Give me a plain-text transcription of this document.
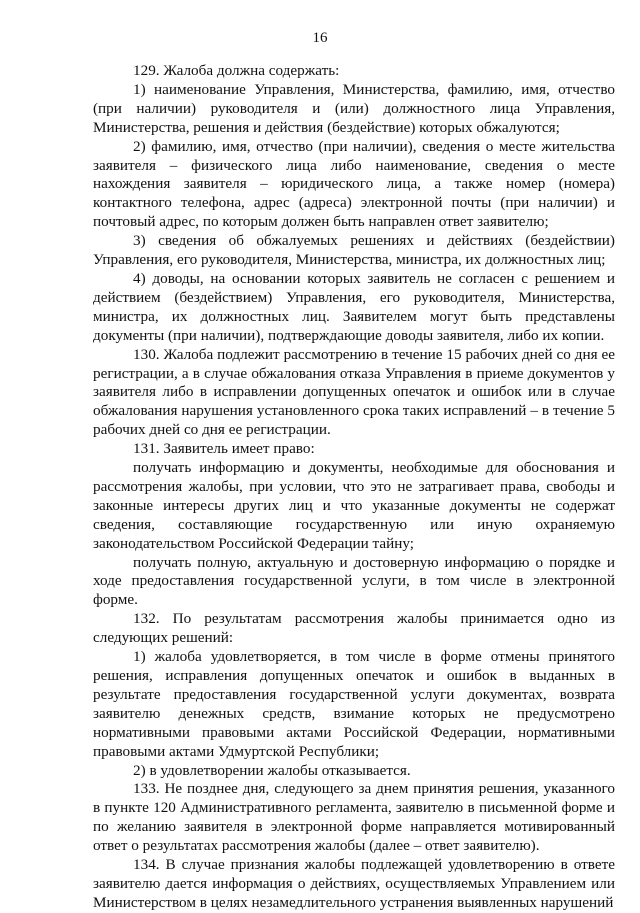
16

129. Жалоба должна содержать:

1) наименование Управления, Министерства, фамилию, имя, отчество (при наличии) руководителя и (или) должностного лица Управления, Министерства, решения и действия (бездействие) которых обжалуются;

2) фамилию, имя, отчество (при наличии), сведения о месте жительства заявителя – физического лица либо наименование, сведения о месте нахождения заявителя – юридического лица, а также номер (номера) контактного телефона, адрес (адреса) электронной почты (при наличии) и почтовый адрес, по которым должен быть направлен ответ заявителю;

3) сведения об обжалуемых решениях и действиях (бездействии) Управления, его руководителя, Министерства, министра, их должностных лиц;

4) доводы, на основании которых заявитель не согласен с решением и действием (бездействием) Управления, его руководителя, Министерства, министра, их должностных лиц. Заявителем могут быть представлены документы (при наличии), подтверждающие доводы заявителя, либо их копии.

130. Жалоба подлежит рассмотрению в течение 15 рабочих дней со дня ее регистрации, а в случае обжалования отказа Управления в приеме документов у заявителя либо в исправлении допущенных опечаток и ошибок или в случае обжалования нарушения установленного срока таких исправлений – в течение 5 рабочих дней со дня ее регистрации.

131. Заявитель имеет право:

получать информацию и документы, необходимые для обоснования и рассмотрения жалобы, при условии, что это не затрагивает права, свободы и законные интересы других лиц и что указанные документы не содержат сведения, составляющие государственную или иную охраняемую законодательством Российской Федерации тайну;

получать полную, актуальную и достоверную информацию о порядке и ходе предоставления государственной услуги, в том числе в электронной форме.

132. По результатам рассмотрения жалобы принимается одно из следующих решений:

1) жалоба удовлетворяется, в том числе в форме отмены принятого решения, исправления допущенных опечаток и ошибок в выданных в результате предоставления государственной услуги документах, возврата заявителю денежных средств, взимание которых не предусмотрено нормативными правовыми актами Российской Федерации, нормативными правовыми актами Удмуртской Республики;

2) в удовлетворении жалобы отказывается.

133. Не позднее дня, следующего за днем принятия решения, указанного в пункте 120 Административного регламента, заявителю в письменной форме и по желанию заявителя в электронной форме направляется мотивированный ответ о результатах рассмотрения жалобы (далее – ответ заявителю).

134. В случае признания жалобы подлежащей удовлетворению в ответе заявителю дается информация о действиях, осуществляемых Управлением или Министерством в целях незамедлительного устранения выявленных нарушений
